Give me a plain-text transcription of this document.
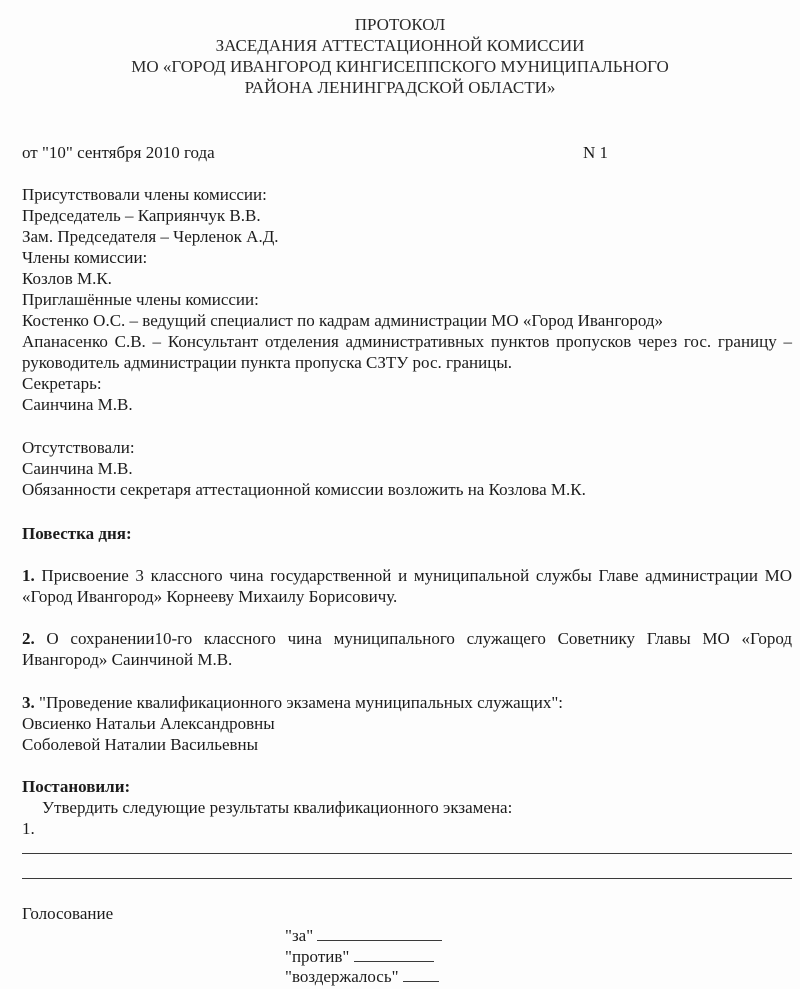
ПРОТОКОЛ
ЗАСЕДАНИЯ АТТЕСТАЦИОННОЙ КОМИССИИ
МО «ГОРОД ИВАНГОРОД КИНГИСЕППСКОГО МУНИЦИПАЛЬНОГО
РАЙОНА ЛЕНИНГРАДСКОЙ ОБЛАСТИ»
от "10" сентября 2010 года	N 1
Присутствовали члены комиссии:
Председатель – Каприянчук В.В.
Зам. Председателя – Черленок А.Д.
Члены комиссии:
Козлов М.К.
Приглашённые члены комиссии:
Костенко О.С. – ведущий специалист по кадрам администрации МО «Город Ивангород»
Апанасенко С.В. – Консультант отделения административных пунктов пропусков через гос. границу – руководитель администрации пункта пропуска СЗТУ рос. границы.
Секретарь:
Саинчина М.В.
Отсутствовали:
Саинчина М.В.
Обязанности секретаря аттестационной комиссии возложить на Козлова М.К.
Повестка дня:
1. Присвоение 3 классного чина государственной и муниципальной службы Главе администрации МО «Город Ивангород» Корнееву Михаилу Борисовичу.
2. О сохранении10-го классного чина муниципального служащего Советнику Главы МО «Город Ивангород» Саинчиной М.В.
3. "Проведение квалификационного экзамена муниципальных служащих":
Овсиенко Натальи Александровны
Соболевой Наталии Васильевны
Постановили:
Утвердить следующие результаты квалификационного экзамена:
1.
Голосование
"за"
"против"
"воздержалось"
